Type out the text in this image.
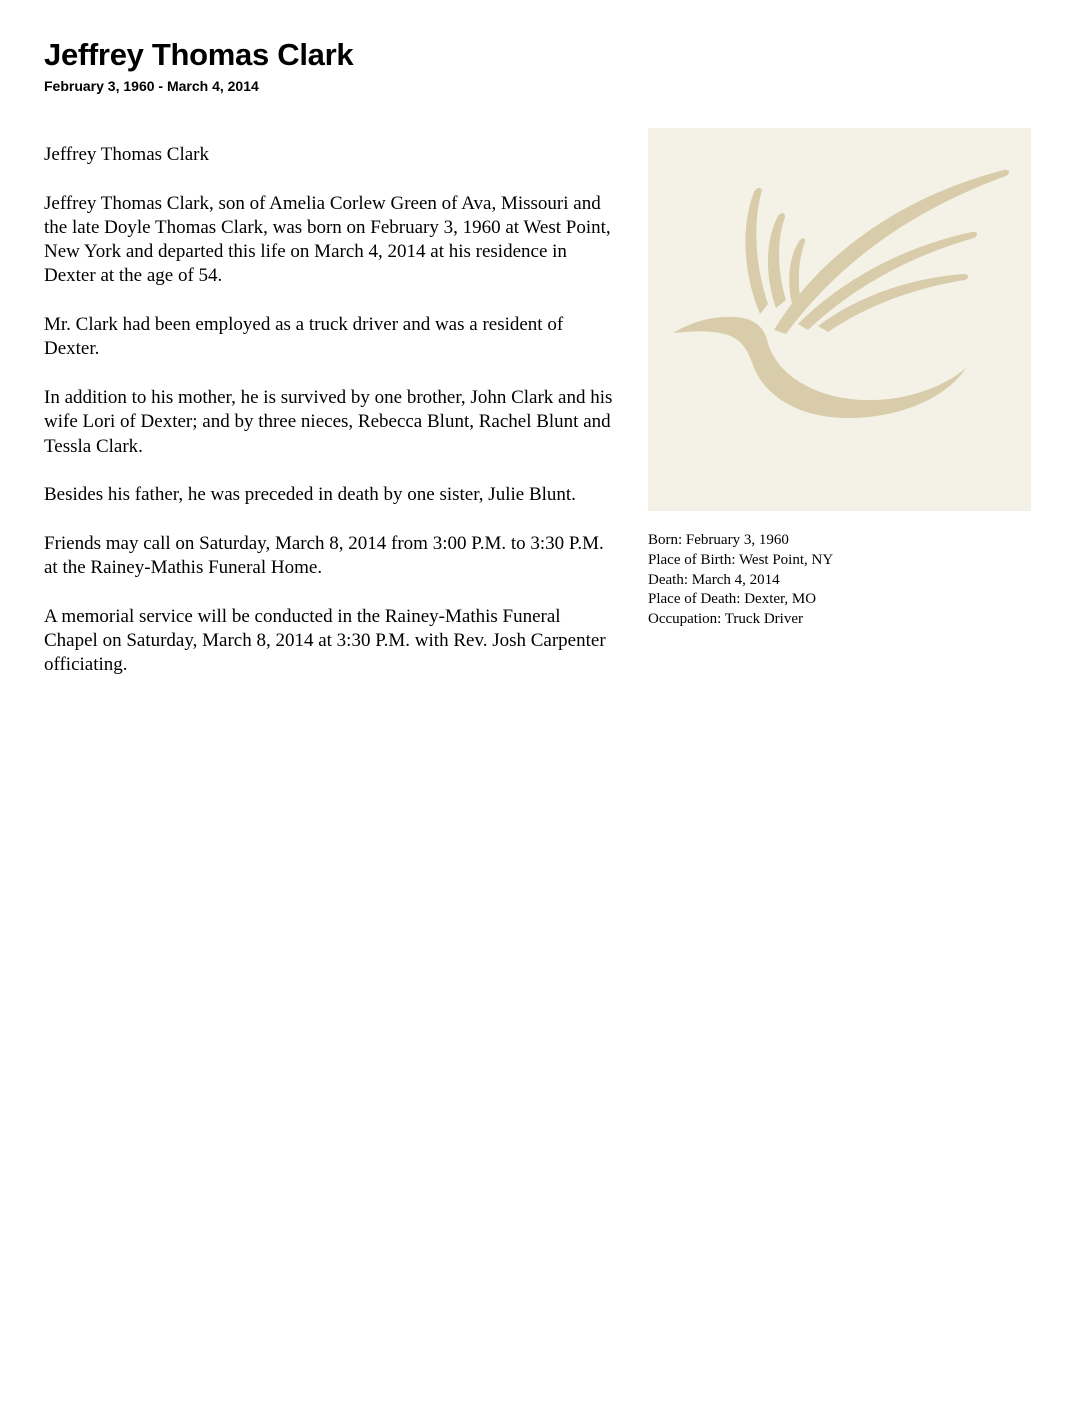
Jeffrey Thomas Clark
February 3, 1960 - March 4, 2014

Jeffrey Thomas Clark

Jeffrey Thomas Clark, son of Amelia Corlew Green of Ava, Missouri and the late Doyle Thomas Clark, was born on February 3, 1960 at West Point, New York and departed this life on March 4, 2014 at his residence in Dexter at the age of 54.

Mr. Clark had been employed as a truck driver and was a resident of Dexter.

In addition to his mother, he is survived by one brother, John Clark and his wife Lori of Dexter; and by three nieces, Rebecca Blunt, Rachel Blunt and Tessla Clark.

Besides his father, he was preceded in death by one sister, Julie Blunt.

Friends may call on Saturday, March 8, 2014 from 3:00 P.M. to 3:30 P.M. at the Rainey-Mathis Funeral Home.

A memorial service will be conducted in the Rainey-Mathis Funeral Chapel on Saturday, March 8, 2014 at 3:30 P.M. with Rev. Josh Carpenter officiating.

Born: February 3, 1960
Place of Birth: West Point, NY
Death: March 4, 2014
Place of Death: Dexter, MO
Occupation: Truck Driver
